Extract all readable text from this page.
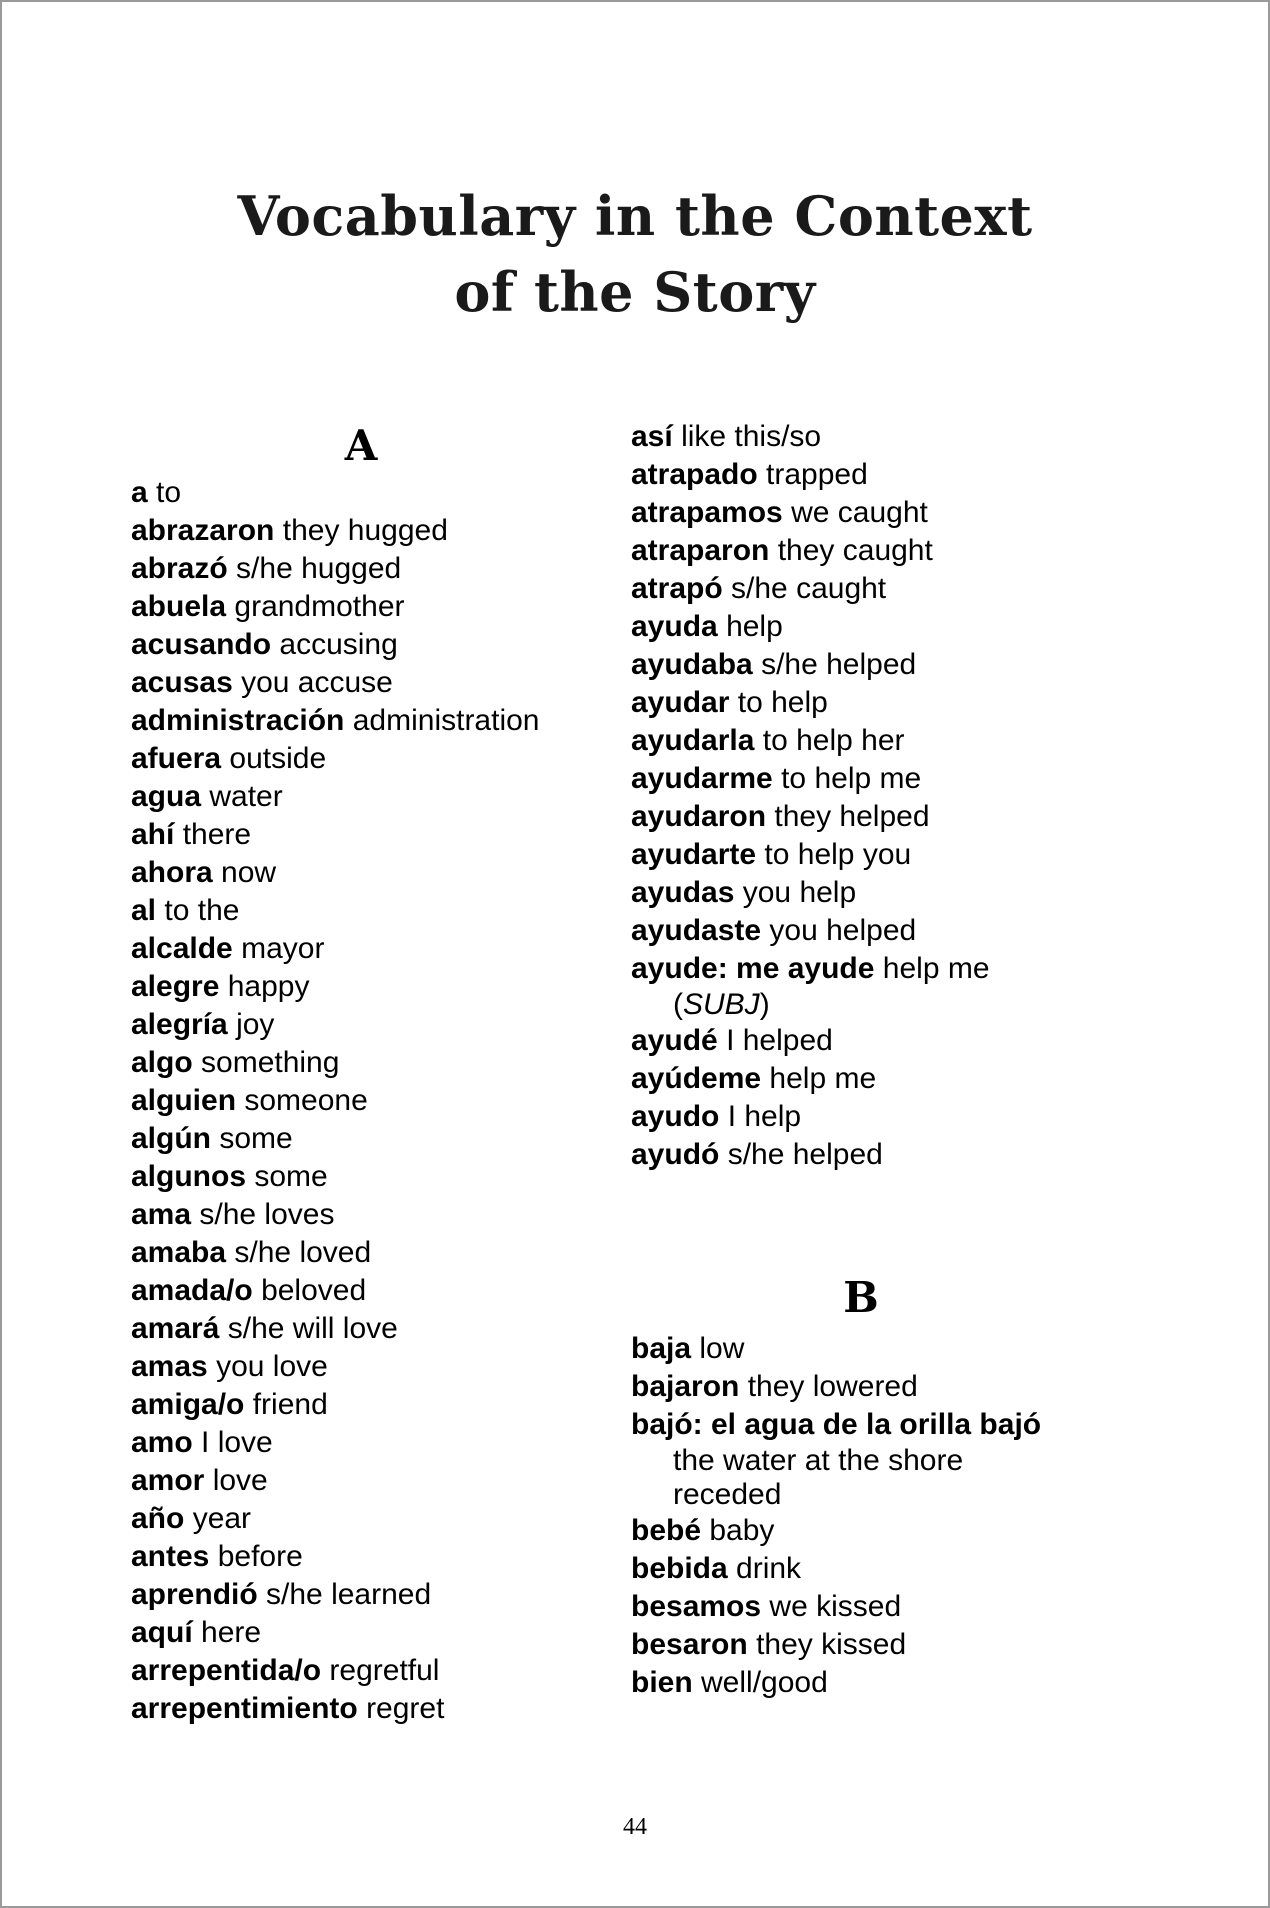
Vocabulary in the Context
of the Story
A
a to
abrazaron they hugged
abrazó s/he hugged
abuela grandmother
acusando accusing
acusas you accuse
administración administration
afuera outside
agua water
ahí there
ahora now
al to the
alcalde mayor
alegre happy
alegría joy
algo something
alguien someone
algún some
algunos some
ama s/he loves
amaba s/he loved
amada/o beloved
amará s/he will love
amas you love
amiga/o friend
amo I love
amor love
año year
antes before
aprendió s/he learned
aquí here
arrepentida/o regretful
arrepentimiento regret
así like this/so
atrapado trapped
atrapamos we caught
atraparon they caught
atrapó s/he caught
ayuda help
ayudaba s/he helped
ayudar to help
ayudarla to help her
ayudarme to help me
ayudaron they helped
ayudarte to help you
ayudas you help
ayudaste you helped
ayude: me ayude help me
(SUBJ)
ayudé I helped
ayúdeme help me
ayudo I help
ayudó s/he helped
B
baja low
bajaron they lowered
bajó: el agua de la orilla bajó
the water at the shore
receded
bebé baby
bebida drink
besamos we kissed
besaron they kissed
bien well/good
44
